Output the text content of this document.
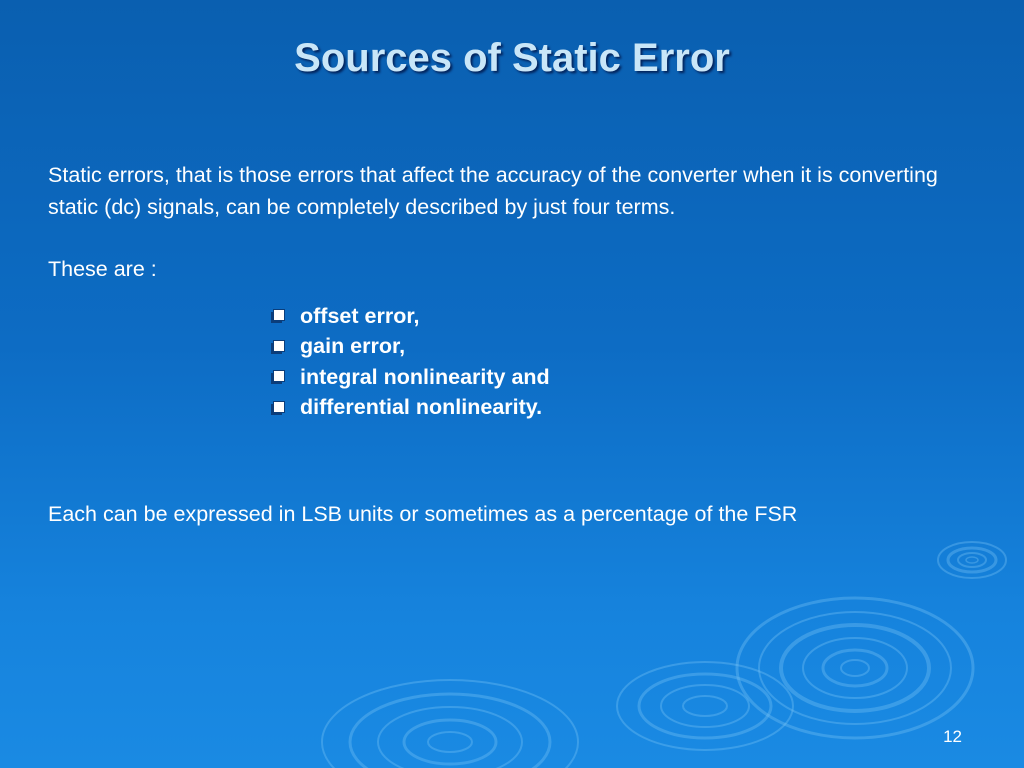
Sources of Static Error

Static errors, that is those errors that affect the accuracy of the converter when it is converting static (dc) signals, can be completely described by just four terms.

These are :

offset error,
gain error,
integral nonlinearity and
differential nonlinearity.

Each can be expressed in LSB units or sometimes as a percentage of the FSR

12
